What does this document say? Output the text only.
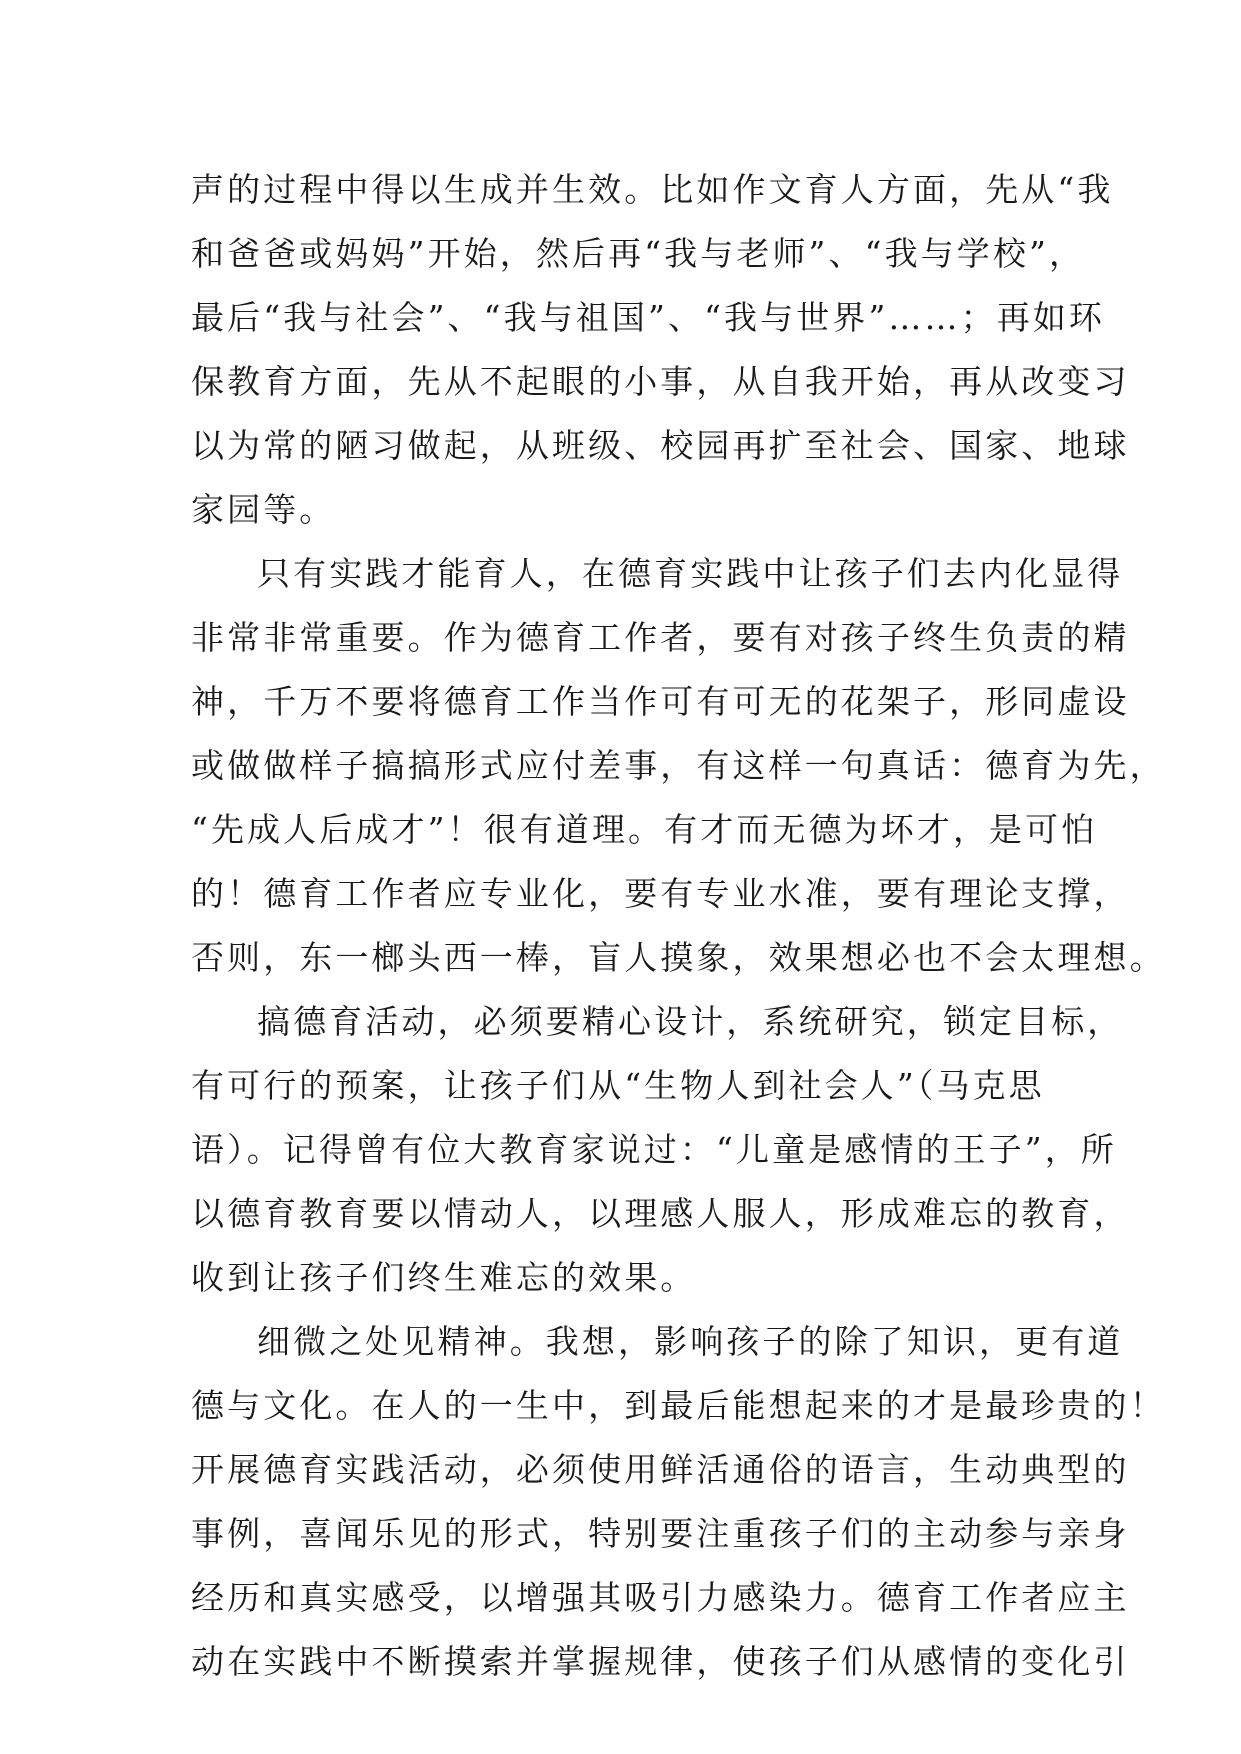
声的过程中得以生成并生效。比如作文育人方面，先从“我
和爸爸或妈妈”开始，然后再“我与老师”、“我与学校”，
最后“我与社会”、“我与祖国”、“我与世界”……；再如环
保教育方面，先从不起眼的小事，从自我开始，再从改变习
以为常的陋习做起，从班级、校园再扩至社会、国家、地球
家园等。
只有实践才能育人，在德育实践中让孩子们去内化显得
非常非常重要。作为德育工作者，要有对孩子终生负责的精
神，千万不要将德育工作当作可有可无的花架子，形同虚设
或做做样子搞搞形式应付差事，有这样一句真话：德育为先，
“先成人后成才”！很有道理。有才而无德为坏才，是可怕
的！德育工作者应专业化，要有专业水准，要有理论支撑，
否则，东一榔头西一棒，盲人摸象，效果想必也不会太理想。
搞德育活动，必须要精心设计，系统研究，锁定目标，
有可行的预案，让孩子们从“生物人到社会人”（马克思
语）。记得曾有位大教育家说过：“儿童是感情的王子”，所
以德育教育要以情动人，以理感人服人，形成难忘的教育，
收到让孩子们终生难忘的效果。
细微之处见精神。我想，影响孩子的除了知识，更有道
德与文化。在人的一生中，到最后能想起来的才是最珍贵的！
开展德育实践活动，必须使用鲜活通俗的语言，生动典型的
事例，喜闻乐见的形式，特别要注重孩子们的主动参与亲身
经历和真实感受，以增强其吸引力感染力。德育工作者应主
动在实践中不断摸索并掌握规律，使孩子们从感情的变化引
